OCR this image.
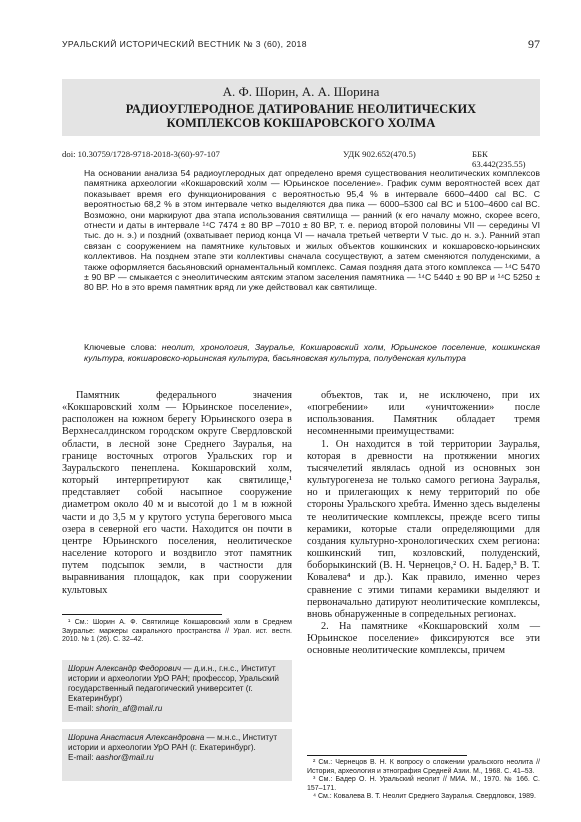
УРАЛЬСКИЙ ИСТОРИЧЕСКИЙ ВЕСТНИК № 3 (60), 2018	97
А. Ф. Шорин, А. А. Шорина
РАДИОУГЛЕРОДНОЕ ДАТИРОВАНИЕ НЕОЛИТИЧЕСКИХ
КОМПЛЕКСОВ КОКШАРОВСКОГО ХОЛМА
doi: 10.30759/1728-9718-2018-3(60)-97-107	УДК 902.652(470.5)	ББК 63.442(235.55)
На основании анализа 54 радиоуглеродных дат определено время существования неолитических комплексов памятника археологии «Кокшаровский холм — Юрьинское поселение». График сумм вероятностей всех дат показывает время его функционирования с вероятностью 95,4 % в интервале 6600–4400 cal BC. С вероятностью 68,2 % в этом интервале четко выделяются два пика — 6000–5300 cal BC и 5100–4600 cal BC. Возможно, они маркируют два этапа использования святилища — ранний (к его началу можно, скорее всего, отнести и даты в интервале ¹⁴С 7474 ± 80 BP –7010 ± 80 BP, т. е. период второй половины VII — середины VI тыс. до н. э.) и поздний (охватывает период конца VI — начала третьей четверти V тыс. до н. э.). Ранний этап связан с сооружением на памятнике культовых и жилых объектов кошкинских и кокшаровско-юрьинских коллективов. На позднем этапе эти коллективы сначала сосуществуют, а затем сменяются полуденскими, а также оформляется басьяновский орнаментальный комплекс. Самая поздняя дата этого комплекса — ¹⁴С 5470 ± 90 BP — смыкается с энеолитическим аятским этапом заселения памятника — ¹⁴С 5440 ± 90 BP и ¹⁴С 5250 ± 80 BP. Но в это время памятник вряд ли уже действовал как святилище.
Ключевые слова: неолит, хронология, Зауралье, Кокшаровский холм, Юрьинское поселение, кошкинская культура, кокшаровско-юрьинская культура, басьяновская культура, полуденская культура

Памятник федерального значения «Кокшаровский холм — Юрьинское поселение», расположен на южном берегу Юрьинского озера в Верхнесалдинском городском округе Свердловской области, в лесной зоне Среднего Зауралья, на границе восточных отрогов Уральских гор и Зауральского пенеплена. Кокшаровский холм, который интерпретируют как святилище,¹ представляет собой насыпное сооружение диаметром около 40 м и высотой до 1 м в южной части и до 3,5 м у крутого уступа берегового мыса озера в северной его части. Находится он почти в центре Юрьинского поселения, неолитическое население которого и воздвигло этот памятник путем подсыпок земли, в частности для выравнивания площадок, как при сооружении культовых

объектов, так и, не исключено, при их «погребении» или «уничтожении» после использования. Памятник обладает тремя несомненными преимуществами:

1. Он находится в той территории Зауралья, которая в древности на протяжении многих тысячелетий являлась одной из основных зон культурогенеза не только самого региона Зауралья, но и прилегающих к нему территорий по обе стороны Уральского хребта. Именно здесь выделены те неолитические комплексы, прежде всего типы керамики, которые стали определяющими для создания культурно-хронологических схем региона: кошкинский тип, козловский, полуденский, боборыкинский (В. Н. Чернецов,² О. Н. Бадер,³ В. Т. Ковалева⁴ и др.). Как правило, именно через сравнение с этими типами керамики выделяют и первоначально датируют неолитические комплексы, вновь обнаруженные в сопредельных регионах.

2. На памятнике «Кокшаровский холм — Юрьинское поселение» фиксируются все эти основные неолитические комплексы, причем

¹ См.: Шорин А. Ф. Святилище Кокшаровский холм в Среднем Зауралье: маркеры сакрального пространства // Урал. ист. вестн. 2010. № 1 (26). С. 32–42.

Шорин Александр Федорович — д.и.н., г.н.с., Институт истории и археологии УрО РАН; профессор, Уральский государственный педагогический университет (г. Екатеринбург)
E-mail: shorin_af@mail.ru
Шорина Анастасия Александровна — м.н.с., Институт истории и археологии УрО РАН (г. Екатеринбург).
E-mail: aashor@mail.ru

² См.: Чернецов В. Н. К вопросу о сложении уральского неолита // История, археология и этнография Средней Азии. М., 1968. С. 41–53.

³ См.: Бадер О. Н. Уральский неолит // МИА. М., 1970. № 166. С. 157–171.

⁴ См.: Ковалева В. Т. Неолит Среднего Зауралья. Свердловск, 1989.
